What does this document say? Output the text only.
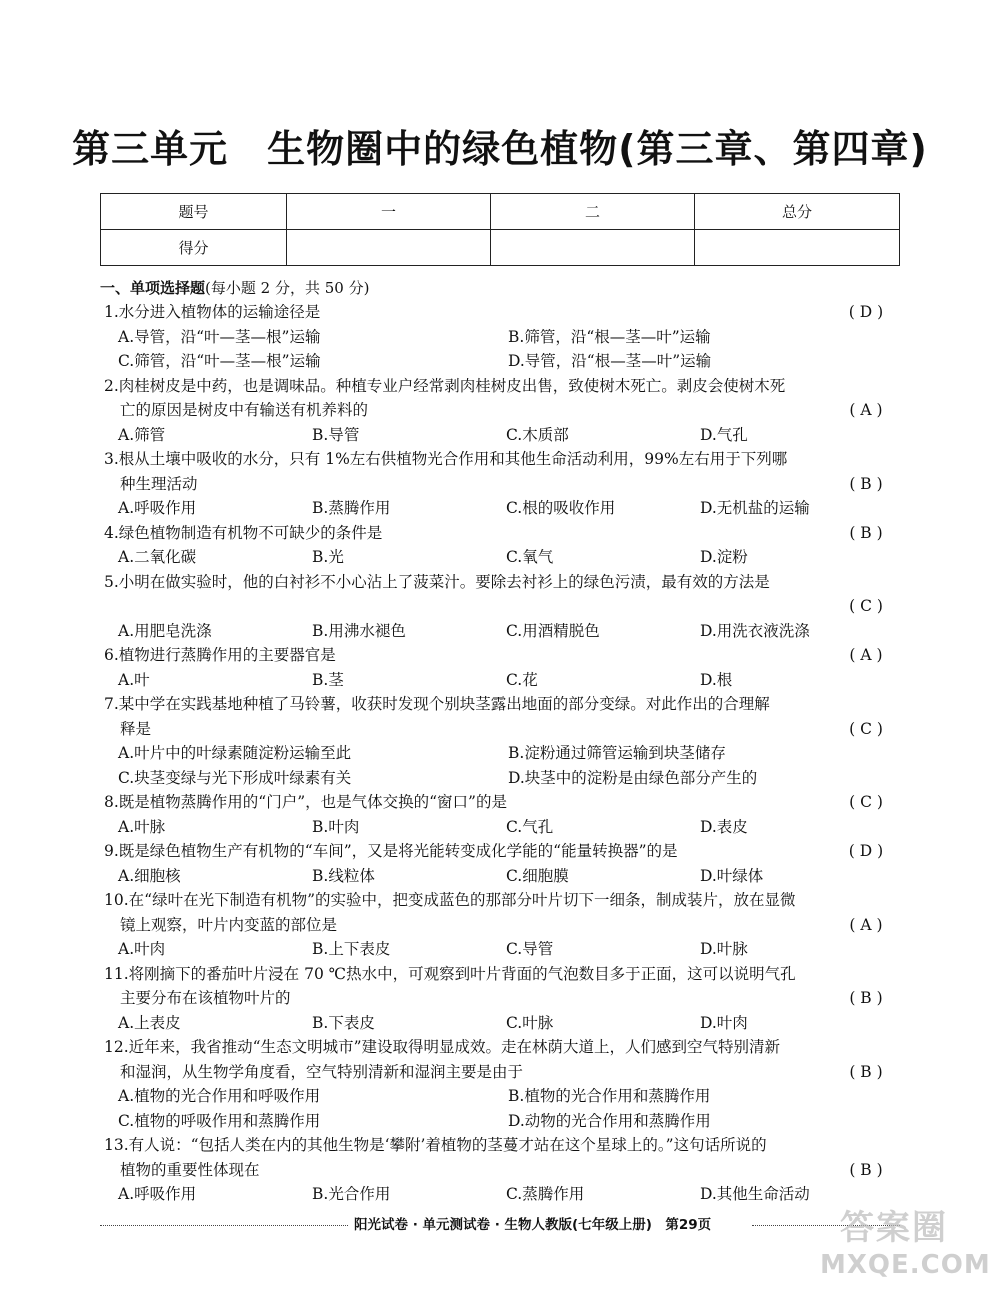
第三单元　生物圈中的绿色植物(第三章、第四章)
题号	一	二	总分
得分			
一、单项选择题(每小题 2 分，共 50 分)
1.水分进入植物体的运输途径是	( D )
A.导管，沿“叶—茎—根”运输	B.筛管，沿“根—茎—叶”运输
C.筛管，沿“叶—茎—根”运输	D.导管，沿“根—茎—叶”运输
2.肉桂树皮是中药，也是调味品。种植专业户经常剥肉桂树皮出售，致使树木死亡。剥皮会使树木死
亡的原因是树皮中有输送有机养料的	( A )
A.筛管	B.导管	C.木质部	D.气孔
3.根从土壤中吸收的水分，只有 1%左右供植物光合作用和其他生命活动利用，99%左右用于下列哪
种生理活动	( B )
A.呼吸作用	B.蒸腾作用	C.根的吸收作用	D.无机盐的运输
4.绿色植物制造有机物不可缺少的条件是	( B )
A.二氧化碳	B.光	C.氧气	D.淀粉
5.小明在做实验时，他的白衬衫不小心沾上了菠菜汁。要除去衬衫上的绿色污渍，最有效的方法是
( C )
A.用肥皂洗涤	B.用沸水褪色	C.用酒精脱色	D.用洗衣液洗涤
6.植物进行蒸腾作用的主要器官是	( A )
A.叶	B.茎	C.花	D.根
7.某中学在实践基地种植了马铃薯，收获时发现个别块茎露出地面的部分变绿。对此作出的合理解
释是	( C )
A.叶片中的叶绿素随淀粉运输至此	B.淀粉通过筛管运输到块茎储存
C.块茎变绿与光下形成叶绿素有关	D.块茎中的淀粉是由绿色部分产生的
8.既是植物蒸腾作用的“门户”，也是气体交换的“窗口”的是	( C )
A.叶脉	B.叶肉	C.气孔	D.表皮
9.既是绿色植物生产有机物的“车间”，又是将光能转变成化学能的“能量转换器”的是	( D )
A.细胞核	B.线粒体	C.细胞膜	D.叶绿体
10.在“绿叶在光下制造有机物”的实验中，把变成蓝色的那部分叶片切下一细条，制成装片，放在显微
镜上观察，叶片内变蓝的部位是	( A )
A.叶肉	B.上下表皮	C.导管	D.叶脉
11.将刚摘下的番茄叶片浸在 70 ℃热水中，可观察到叶片背面的气泡数目多于正面，这可以说明气孔
主要分布在该植物叶片的	( B )
A.上表皮	B.下表皮	C.叶脉	D.叶肉
12.近年来，我省推动“生态文明城市”建设取得明显成效。走在林荫大道上，人们感到空气特别清新
和湿润，从生物学角度看，空气特别清新和湿润主要是由于	( B )
A.植物的光合作用和呼吸作用	B.植物的光合作用和蒸腾作用
C.植物的呼吸作用和蒸腾作用	D.动物的光合作用和蒸腾作用
13.有人说：“包括人类在内的其他生物是‘攀附’着植物的茎蔓才站在这个星球上的。”这句话所说的
植物的重要性体现在	( B )
A.呼吸作用	B.光合作用	C.蒸腾作用	D.其他生命活动
阳光试卷 · 单元测试卷 · 生物人教版(七年级上册)　第29页	答案圈
MXQE.COM
